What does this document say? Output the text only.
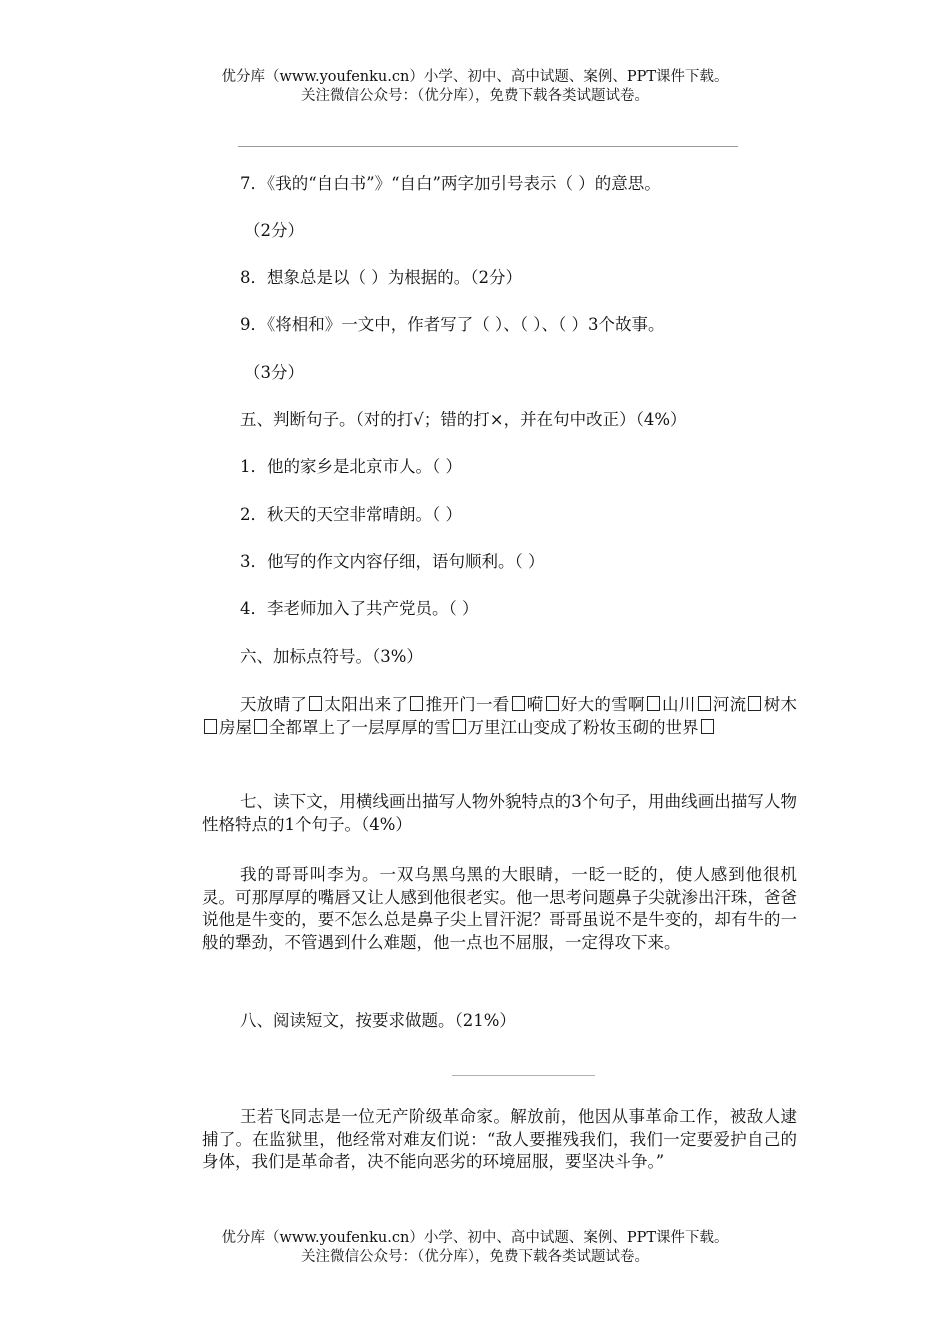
优分库（www.youfenku.cn）小学、初中、高中试题、案例、PPT课件下载。
关注微信公众号：（优分库），免费下载各类试题试卷。
7．《我的“自白书”》“自白”两字加引号表示（ ）的意思。
（2分）
8．想象总是以（ ）为根据的。（2分）
9．《将相和》一文中，作者写了（ ）、（ ）、（ ）3个故事。
（3分）
五、判断句子。（对的打√；错的打×，并在句中改正）（4%）
1．他的家乡是北京市人。（ ）
2．秋天的天空非常晴朗。（ ）
3．他写的作文内容仔细，语句顺利。（ ）
4．李老师加入了共产党员。（ ）
六、加标点符号。（3%）
天放晴了 太阳出来了 推开门一看 嗬 好大的雪啊 山川 河流 树木房屋 全都罩上了一层厚厚的雪 万里江山变成了粉妆玉砌的世界
七、读下文，用横线画出描写人物外貌特点的3个句子，用曲线画出描写人物性格特点的1个句子。（4%）
我的哥哥叫李为。一双乌黑乌黑的大眼睛，一眨一眨的，使人感到他很机灵。可那厚厚的嘴唇又让人感到他很老实。他一思考问题鼻子尖就渗出汗珠，爸爸说他是牛变的，要不怎么总是鼻子尖上冒汗泥？哥哥虽说不是牛变的，却有牛的一般的犟劲，不管遇到什么难题，他一点也不屈服，一定得攻下来。
八、阅读短文，按要求做题。（21%）
王若飞同志是一位无产阶级革命家。解放前，他因从事革命工作，被敌人逮捕了。在监狱里，他经常对难友们说：“敌人要摧残我们，我们一定要爱护自己的身体，我们是革命者，决不能向恶劣的环境屈服，要坚决斗争。”
优分库（www.youfenku.cn）小学、初中、高中试题、案例、PPT课件下载。
关注微信公众号：（优分库），免费下载各类试题试卷。
